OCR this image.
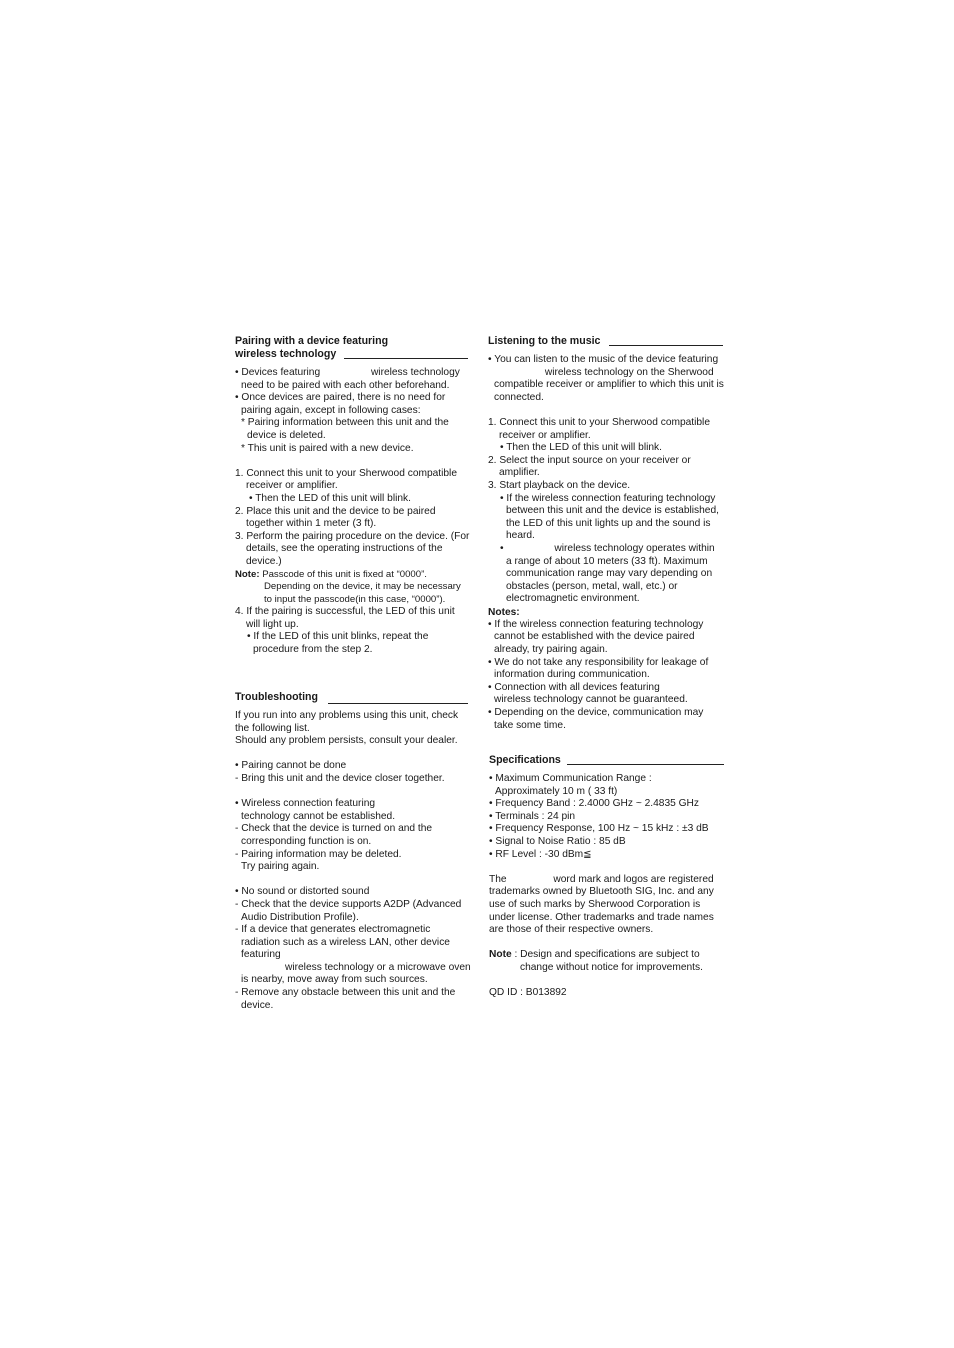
Pairing with a device featuring

wireless technology

• Devices featuring	wireless technology need to be paired with each other beforehand.

• Once devices are paired, there is no need for pairing again, except in following cases:

* Pairing information between this unit and the device is deleted.

* This unit is paired with a new device.

1. Connect this unit to your Sherwood compatible receiver or amplifier.

• Then the LED of this unit will blink.

2. Place this unit and the device to be paired together within 1 meter (3 ft).

3. Perform the pairing procedure on the device. (For details, see the operating instructions of the device.)

Note: Passcode of this unit is fixed at “0000”.

Depending on the device, it may be necessary to input the passcode(in this case, “0000”).

4. If the pairing is successful, the LED of this unit will light up.

• If the LED of this unit blinks, repeat the procedure from the step 2.

Troubleshooting

If you run into any problems using this unit, check the following list.

Should any problem persists, consult your dealer.

• Pairing cannot be done

- Bring this unit and the device closer together.

• Wireless connection featuring

technology cannot be established.

- Check that the device is turned on and the corresponding function is on.

- Pairing information may be deleted.

Try pairing again.

• No sound or distorted sound

- Check that the device supports A2DP (Advanced Audio Distribution Profile).

- If a device that generates electromagnetic radiation such as a wireless LAN, other device featuring

wireless technology or a microwave oven

is nearby, move away from such sources.

- Remove any obstacle between this unit and the device.

Listening to the music

• You can listen to the music of the device featuring wireless technology on the Sherwood compatible receiver or amplifier to which this unit is connected.

1. Connect this unit to your Sherwood compatible receiver or amplifier.

• Then the LED of this unit will blink.

2. Select the input source on your receiver or amplifier.

3. Start playback on the device.

• If the wireless connection featuring technology between this unit and the device is established, the LED of this unit lights up and the sound is heard.

•	wireless technology operates within

a range of about 10 meters (33 ft). Maximum communication range may vary depending on obstacles (person, metal, wall, etc.) or electromagnetic environment.

Notes:

• If the wireless connection featuring technology cannot be established with the device paired already, try pairing again.

• We do not take any responsibility for leakage of information during communication.

• Connection with all devices featuring

wireless technology cannot be guaranteed.

• Depending on the device, communication may take some time.

Specifications

• Maximum Communication Range :

Approximately 10 m ( 33 ft)

• Frequency Band : 2.4000 GHz ~ 2.4835 GHz

• Terminals : 24 pin

• Frequency Response, 100 Hz ~ 15 kHz : ±3 dB

• Signal to Noise Ratio : 85 dB

• RF Level : -30 dBm≦

The	word mark and logos are registered trademarks owned by Bluetooth SIG, Inc. and any use of such marks by Sherwood Corporation is under license. Other trademarks and trade names are those of their respective owners.

Note : Design and specifications are subject to change without notice for improvements.

QD ID : B013892
